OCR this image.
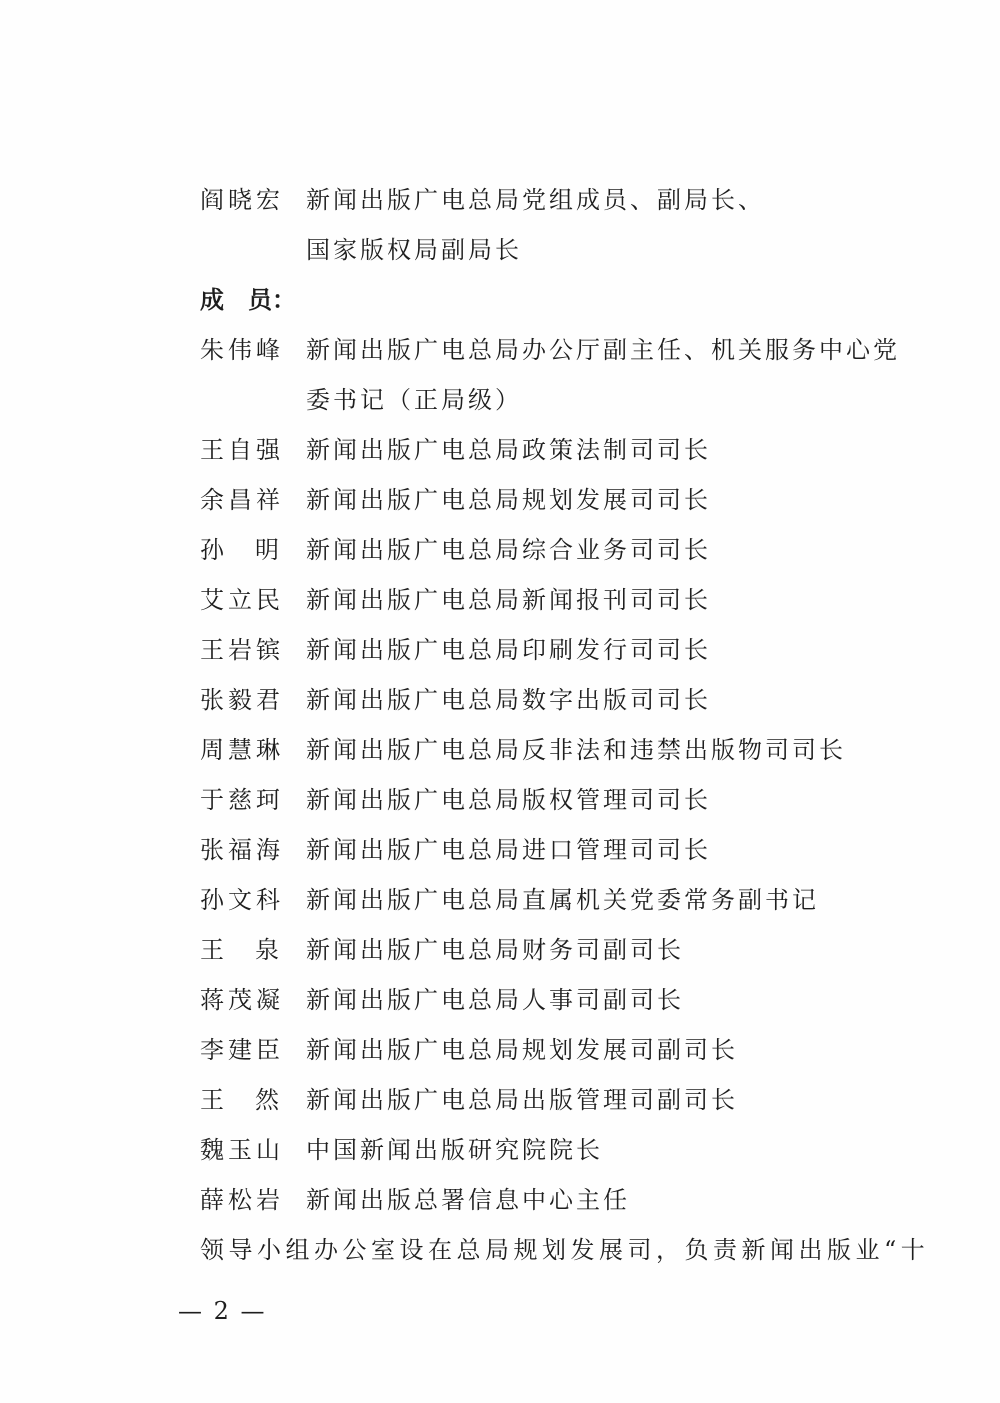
阎晓宏 新闻出版广电总局党组成员、副局长、
国家版权局副局长
成　员：
朱伟峰 新闻出版广电总局办公厅副主任、机关服务中心党
委书记（正局级）
王自强 新闻出版广电总局政策法制司司长
余昌祥 新闻出版广电总局规划发展司司长
孙明新闻出版广电总局综合业务司司长
艾立民 新闻出版广电总局新闻报刊司司长
王岩镔 新闻出版广电总局印刷发行司司长
张毅君 新闻出版广电总局数字出版司司长
周慧琳 新闻出版广电总局反非法和违禁出版物司司长
于慈珂 新闻出版广电总局版权管理司司长
张福海 新闻出版广电总局进口管理司司长
孙文科 新闻出版广电总局直属机关党委常务副书记
王泉新闻出版广电总局财务司副司长
蒋茂凝 新闻出版广电总局人事司副司长
李建臣 新闻出版广电总局规划发展司副司长
王然新闻出版广电总局出版管理司副司长
魏玉山 中国新闻出版研究院院长
薛松岩 新闻出版总署信息中心主任
领导小组办公室设在总局规划发展司，负责新闻出版业“十
— 2 —
